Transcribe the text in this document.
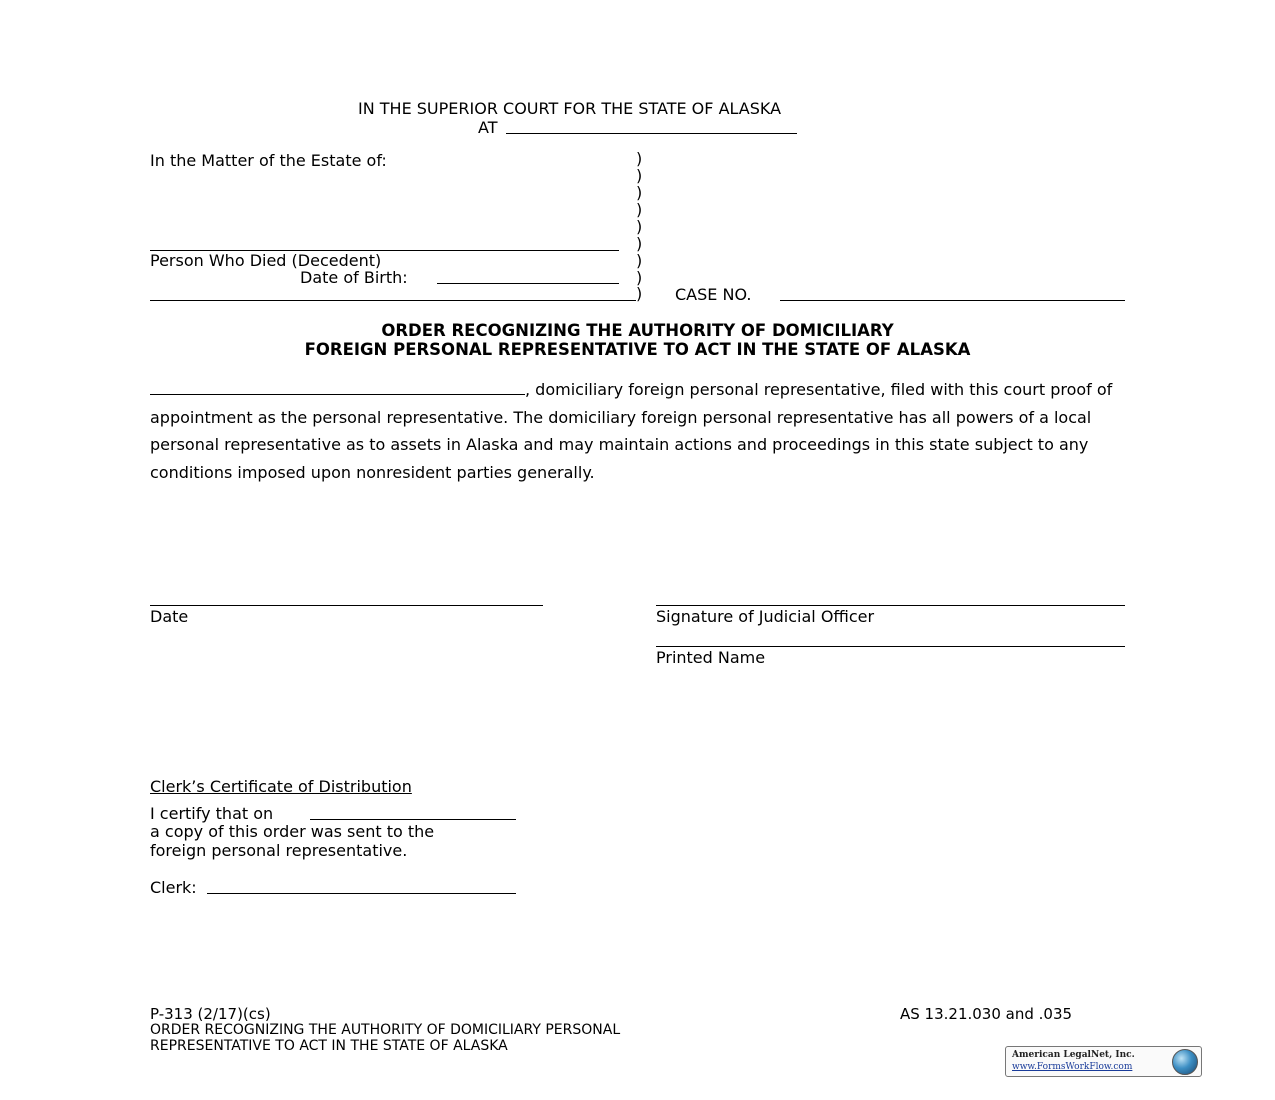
IN THE SUPERIOR COURT FOR THE STATE OF ALASKA
AT
In the Matter of the Estate of:
Person Who Died (Decedent)
Date of Birth:
)
)
)
)
)
)
)
)
) CASE NO.
ORDER RECOGNIZING THE AUTHORITY OF DOMICILIARY
FOREIGN PERSONAL REPRESENTATIVE TO ACT IN THE STATE OF ALASKA
, domiciliary foreign personal representative, filed with this court proof of appointment as the personal representative. The domiciliary foreign personal representative has all powers of a local personal representative as to assets in Alaska and may maintain actions and proceedings in this state subject to any conditions imposed upon nonresident parties generally.
Date	Signature of Judicial Officer
Printed Name
Clerk’s Certificate of Distribution
I certify that on
a copy of this order was sent to the
foreign personal representative.
Clerk:
P-313 (2/17)(cs)
ORDER RECOGNIZING THE AUTHORITY OF DOMICILIARY PERSONAL
REPRESENTATIVE TO ACT IN THE STATE OF ALASKA
AS 13.21.030 and .035
American LegalNet, Inc.
www.FormsWorkFlow.com
